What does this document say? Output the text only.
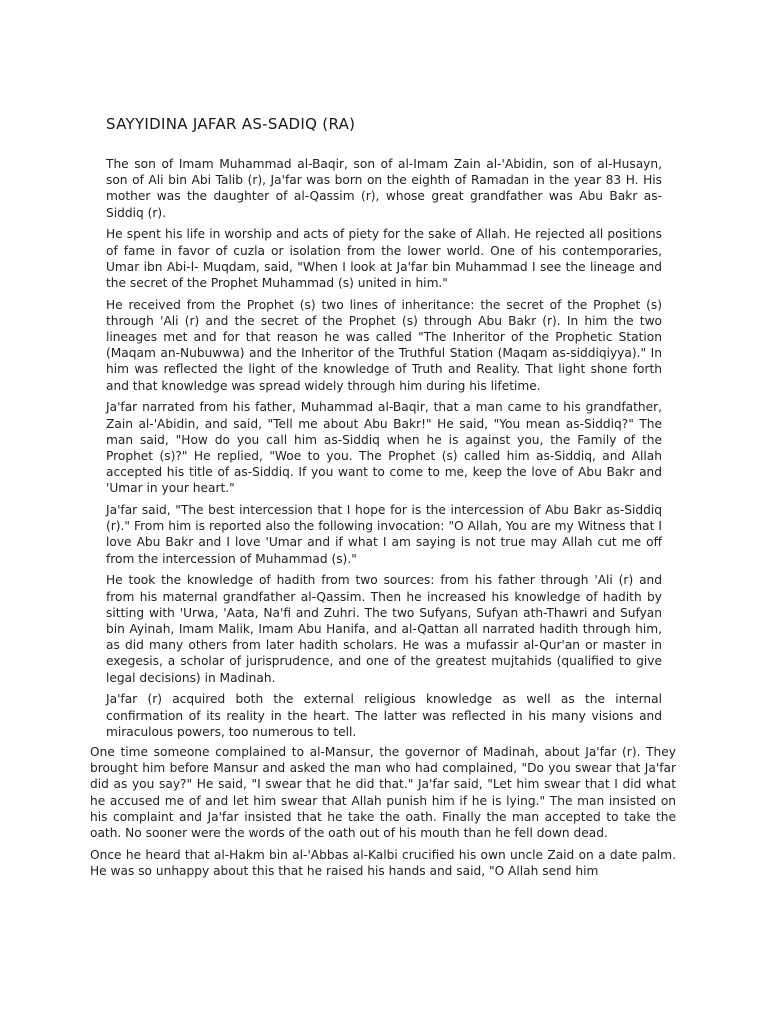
SAYYIDINA JAFAR AS-SADIQ (RA)

The son of Imam Muhammad al-Baqir, son of al-Imam Zain al-'Abidin, son of al-Husayn, son of Ali bin Abi Talib (r), Ja'far was born on the eighth of Ramadan in the year 83 H. His mother was the daughter of al-Qassim (r), whose great grandfather was Abu Bakr as-Siddiq (r).

He spent his life in worship and acts of piety for the sake of Allah. He rejected all positions of fame in favor of cuzla or isolation from the lower world. One of his contemporaries, Umar ibn Abi-l- Muqdam, said, "When I look at Ja'far bin Muhammad I see the lineage and the secret of the Prophet Muhammad (s) united in him."

He received from the Prophet (s) two lines of inheritance: the secret of the Prophet (s) through 'Ali (r) and the secret of the Prophet (s) through Abu Bakr (r). In him the two lineages met and for that reason he was called "The Inheritor of the Prophetic Station (Maqam an-Nubuwwa) and the Inheritor of the Truthful Station (Maqam as-siddiqiyya)." In him was reflected the light of the knowledge of Truth and Reality. That light shone forth and that knowledge was spread widely through him during his lifetime.

Ja'far narrated from his father, Muhammad al-Baqir, that a man came to his grandfather, Zain al-'Abidin, and said, "Tell me about Abu Bakr!" He said, "You mean as-Siddiq?" The man said, "How do you call him as-Siddiq when he is against you, the Family of the Prophet (s)?" He replied, "Woe to you. The Prophet (s) called him as-Siddiq, and Allah accepted his title of as-Siddiq. If you want to come to me, keep the love of Abu Bakr and 'Umar in your heart."

Ja'far said, "The best intercession that I hope for is the intercession of Abu Bakr as-Siddiq (r)." From him is reported also the following invocation: "O Allah, You are my Witness that I love Abu Bakr and I love 'Umar and if what I am saying is not true may Allah cut me off from the intercession of Muhammad (s)."

He took the knowledge of hadith from two sources: from his father through 'Ali (r) and from his maternal grandfather al-Qassim. Then he increased his knowledge of hadith by sitting with 'Urwa, 'Aata, Na'fi and Zuhri. The two Sufyans, Sufyan ath-Thawri and Sufyan bin Ayinah, Imam Malik, Imam Abu Hanifa, and al-Qattan all narrated hadith through him, as did many others from later hadith scholars. He was a mufassir al-Qur'an or master in exegesis, a scholar of jurisprudence, and one of the greatest mujtahids (qualified to give legal decisions) in Madinah.

Ja'far (r) acquired both the external religious knowledge as well as the internal confirmation of its reality in the heart. The latter was reflected in his many visions and miraculous powers, too numerous to tell.

One time someone complained to al-Mansur, the governor of Madinah, about Ja'far (r). They brought him before Mansur and asked the man who had complained, "Do you swear that Ja'far did as you say?" He said, "I swear that he did that." Ja'far said, "Let him swear that I did what he accused me of and let him swear that Allah punish him if he is lying." The man insisted on his complaint and Ja'far insisted that he take the oath. Finally the man accepted to take the oath. No sooner were the words of the oath out of his mouth than he fell down dead.

Once he heard that al-Hakm bin al-'Abbas al-Kalbi crucified his own uncle Zaid on a date palm. He was so unhappy about this that he raised his hands and said, "O Allah send him
